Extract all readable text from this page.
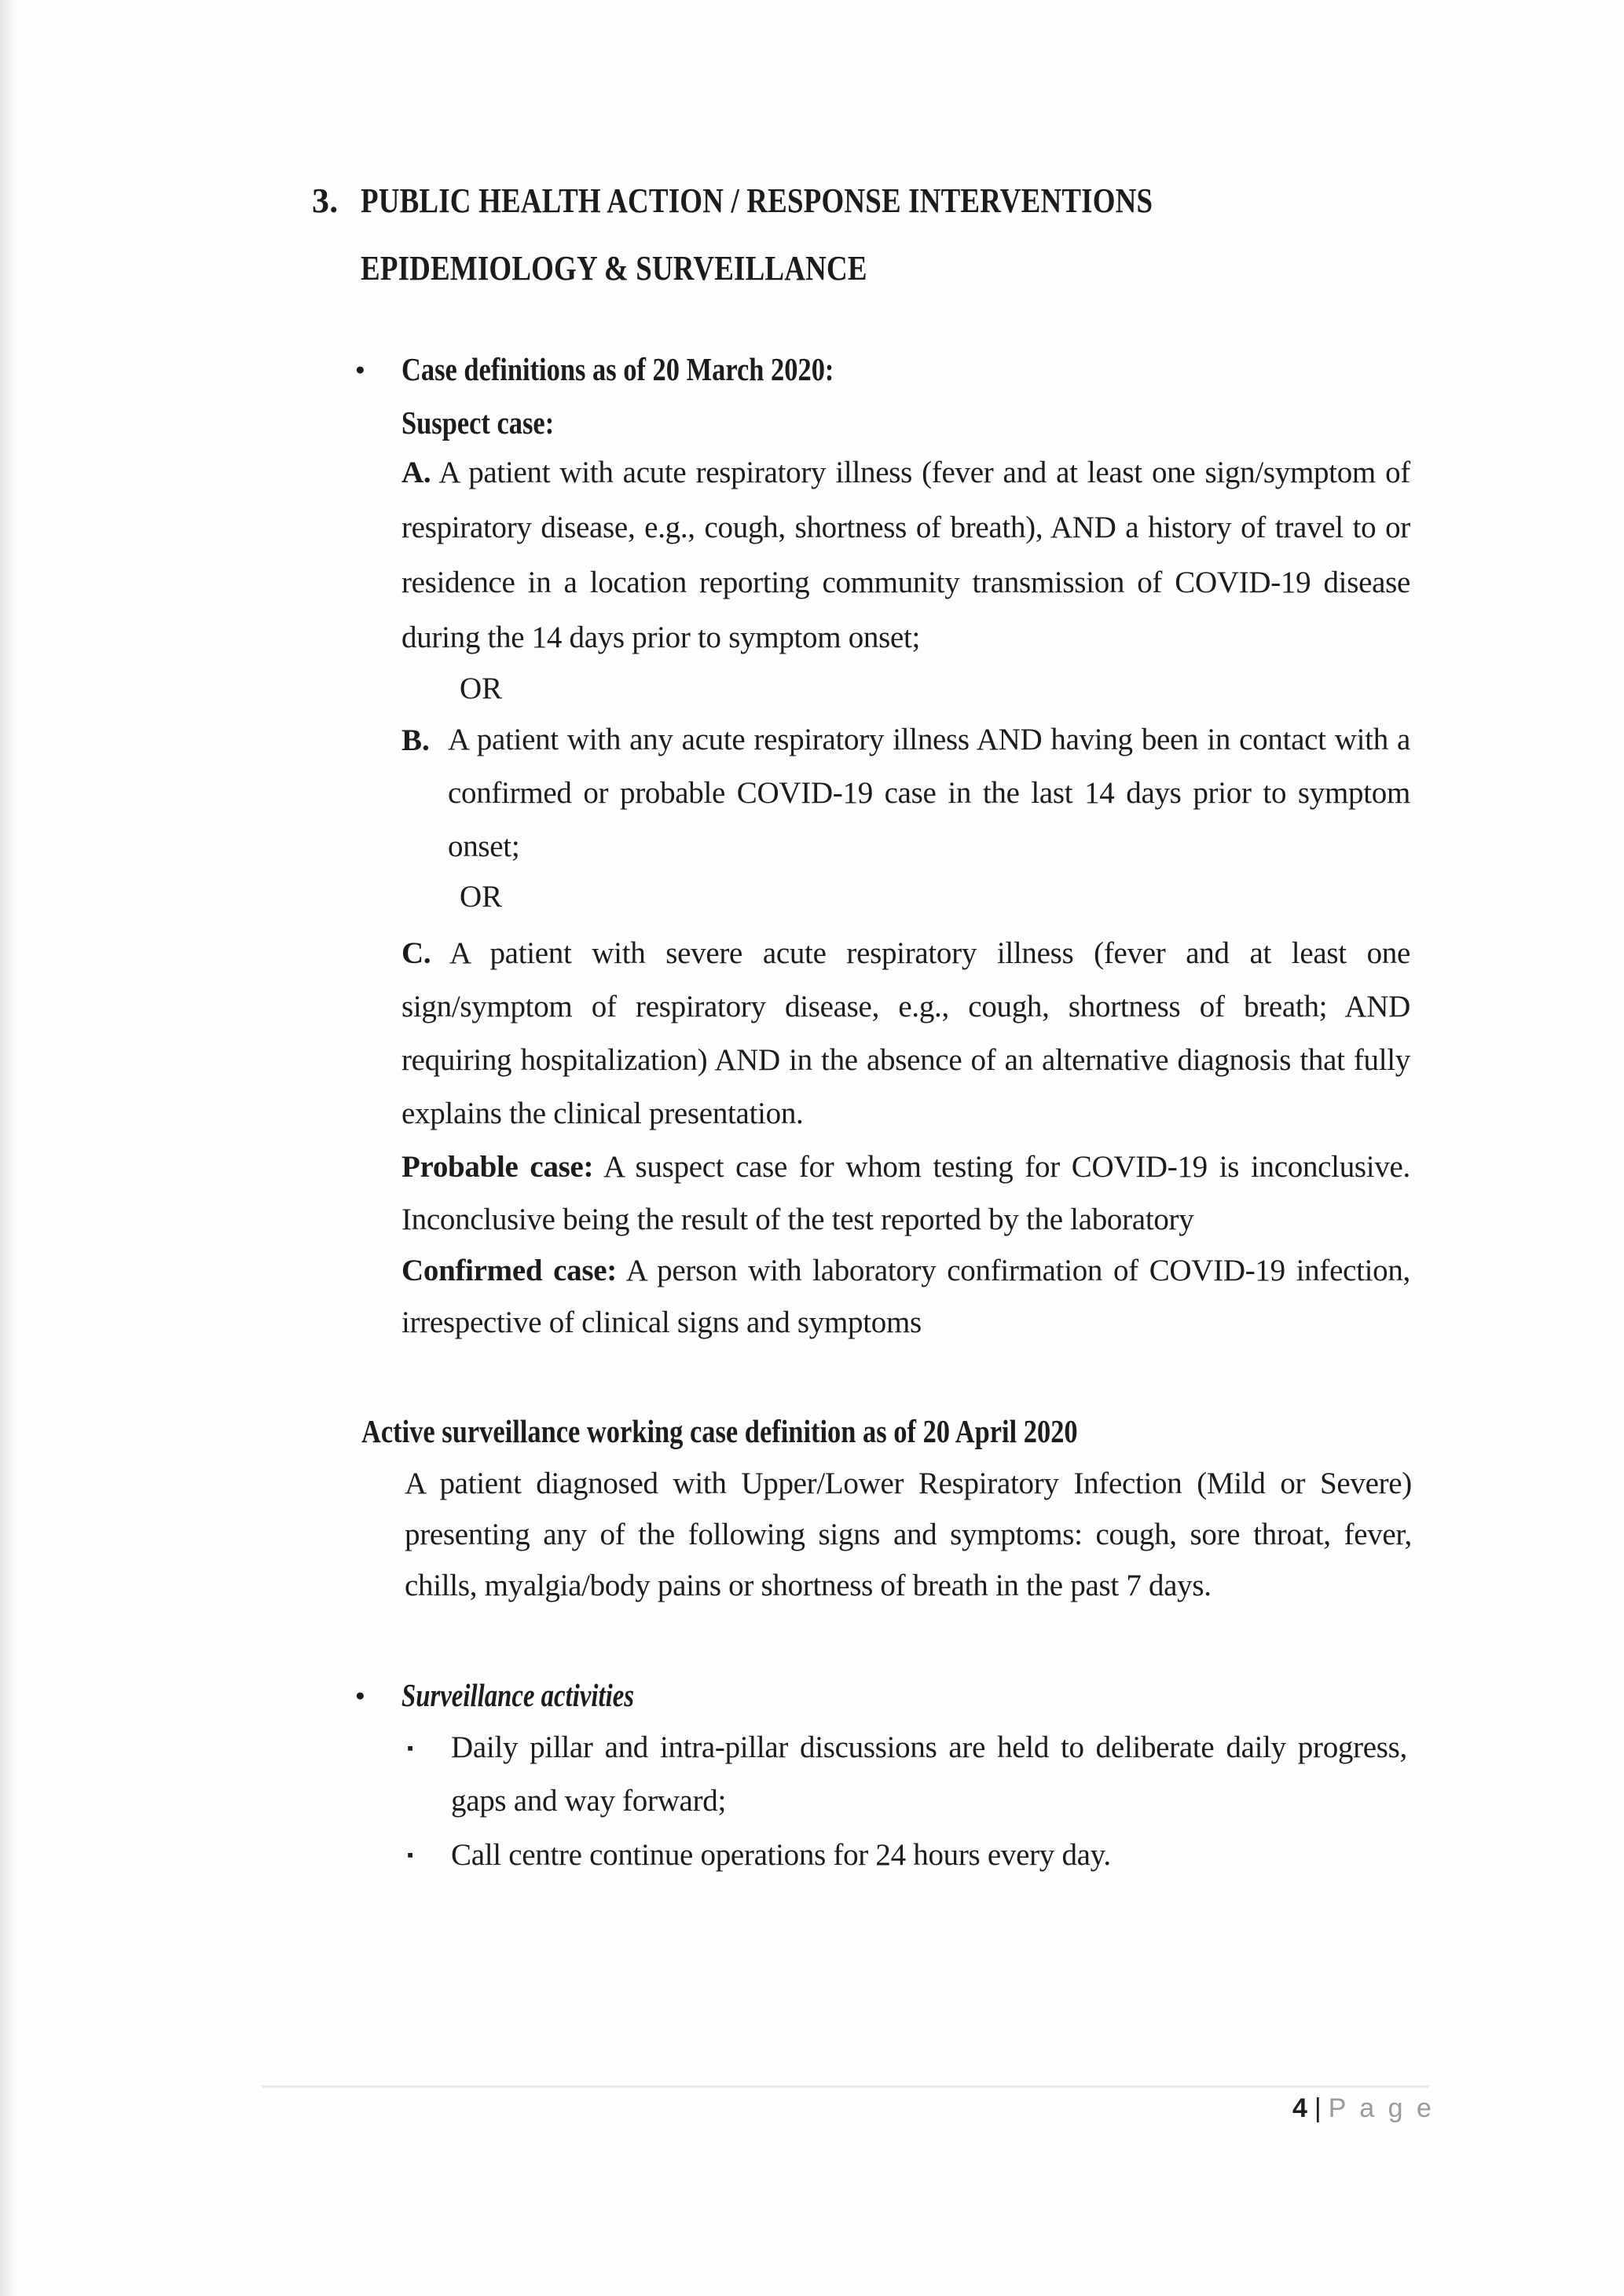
3. PUBLIC HEALTH ACTION / RESPONSE INTERVENTIONS
EPIDEMIOLOGY & SURVEILLANCE
● Case definitions as of 20 March 2020:
Suspect case:
A. A patient with acute respiratory illness (fever and at least one sign/symptom of
respiratory disease, e.g., cough, shortness of breath), AND a history of travel to or
residence in a location reporting community transmission of COVID-19 disease
during the 14 days prior to symptom onset;
OR
B. A patient with any acute respiratory illness AND having been in contact with a
confirmed or probable COVID-19 case in the last 14 days prior to symptom
onset;
OR
C. A patient with severe acute respiratory illness (fever and at least one
sign/symptom of respiratory disease, e.g., cough, shortness of breath; AND
requiring hospitalization) AND in the absence of an alternative diagnosis that fully
explains the clinical presentation.
Probable case: A suspect case for whom testing for COVID-19 is inconclusive.
Inconclusive being the result of the test reported by the laboratory
Confirmed case: A person with laboratory confirmation of COVID-19 infection,
irrespective of clinical signs and symptoms
Active surveillance working case definition as of 20 April 2020
A patient diagnosed with Upper/Lower Respiratory Infection (Mild or Severe)
presenting any of the following signs and symptoms: cough, sore throat, fever,
chills, myalgia/body pains or shortness of breath in the past 7 days.
● Surveillance activities
▪ Daily pillar and intra-pillar discussions are held to deliberate daily progress,
gaps and way forward;
▪ Call centre continue operations for 24 hours every day.
4 | P a g e
